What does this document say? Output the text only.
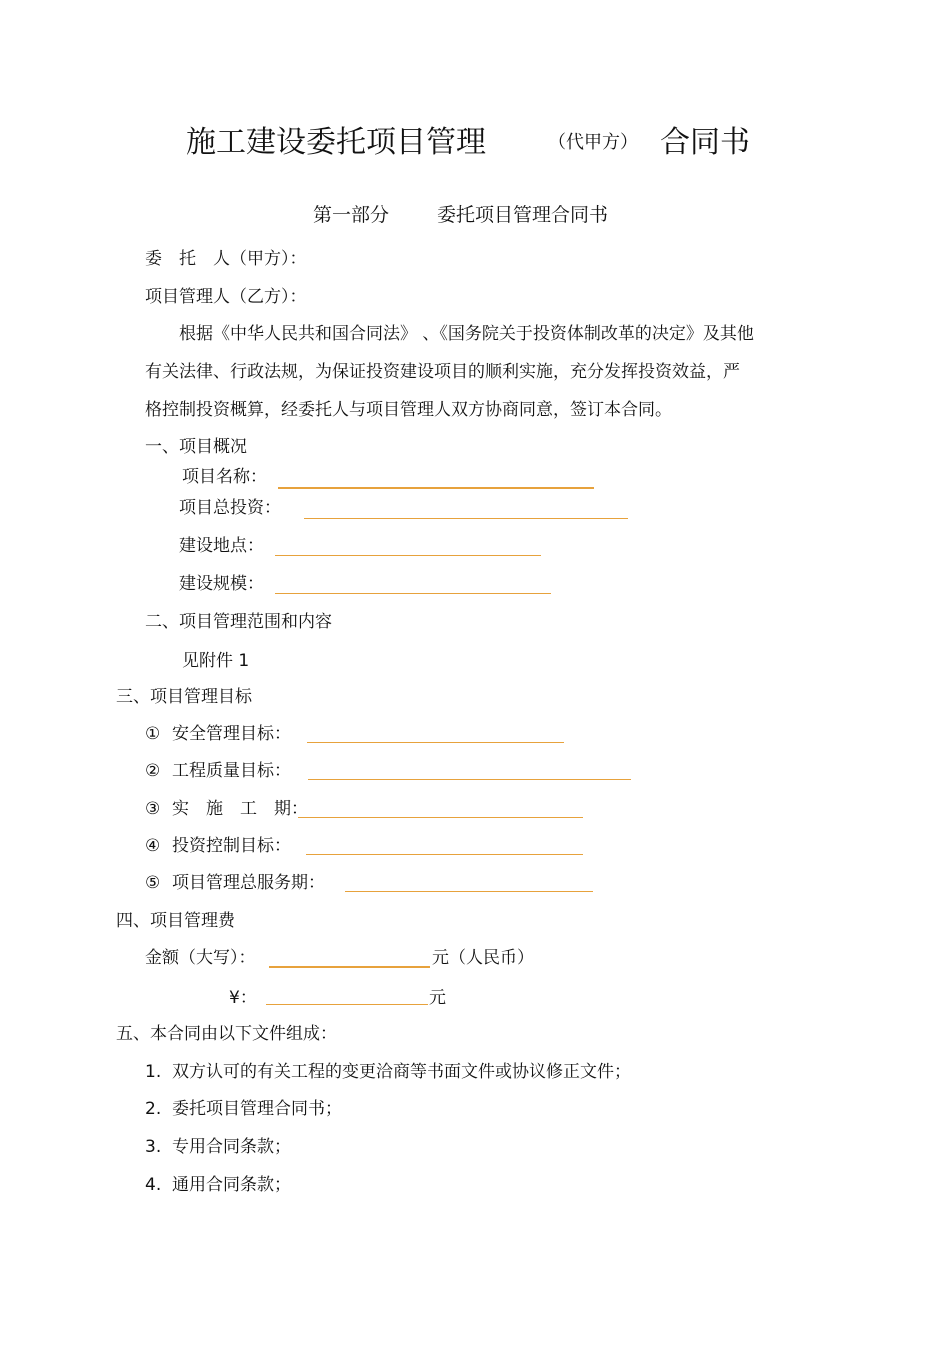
施工建设委托项目管理	（代甲方） 合同书
第一部分	委托项目管理合同书
委　托　人（甲方）：
项目管理人（乙方）：
根据《中华人民共和国合同法》 、《国务院关于投资体制改革的决定》及其他
有关法律、行政法规，为保证投资建设项目的顺利实施，充分发挥投资效益，严
格控制投资概算，经委托人与项目管理人双方协商同意，签订本合同。
一、项目概况
项目名称：
项目总投资：
建设地点：
建设规模：
二、项目管理范围和内容
见附件 1
三、项目管理目标
① 安全管理目标：
② 工程质量目标：
③ 实　施　工　期：
④ 投资控制目标：
⑤ 项目管理总服务期：
四、项目管理费
金额（大写）：	元（人民币）
¥：	元
五、本合同由以下文件组成：
1. 双方认可的有关工程的变更洽商等书面文件或协议修正文件；
2. 委托项目管理合同书；
3. 专用合同条款；
4. 通用合同条款；
